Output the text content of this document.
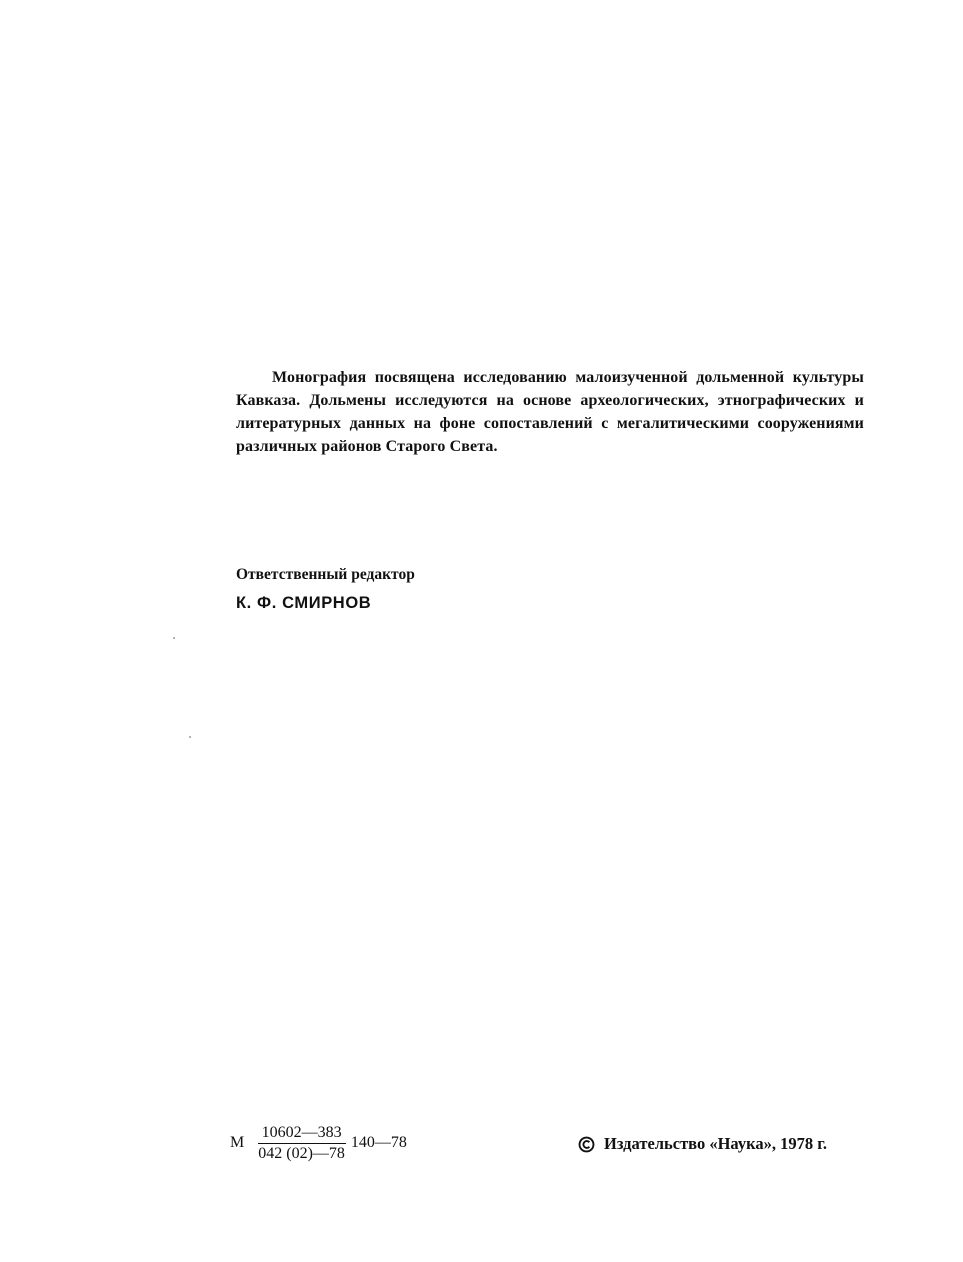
Монография посвящена исследованию малоизученной дольменной культуры Кавказа. Дольмены исследуются на основе археологических, этнографических и литературных данных на фоне сопоставлений с мегалитическими сооружениями различных районов Старого Света.

Ответственный редактор
К. Ф. СМИРНОВ
М $\frac{10602—383}{042 (02)—78}$ 140—78	Издательство «Наука», 1978 г.
